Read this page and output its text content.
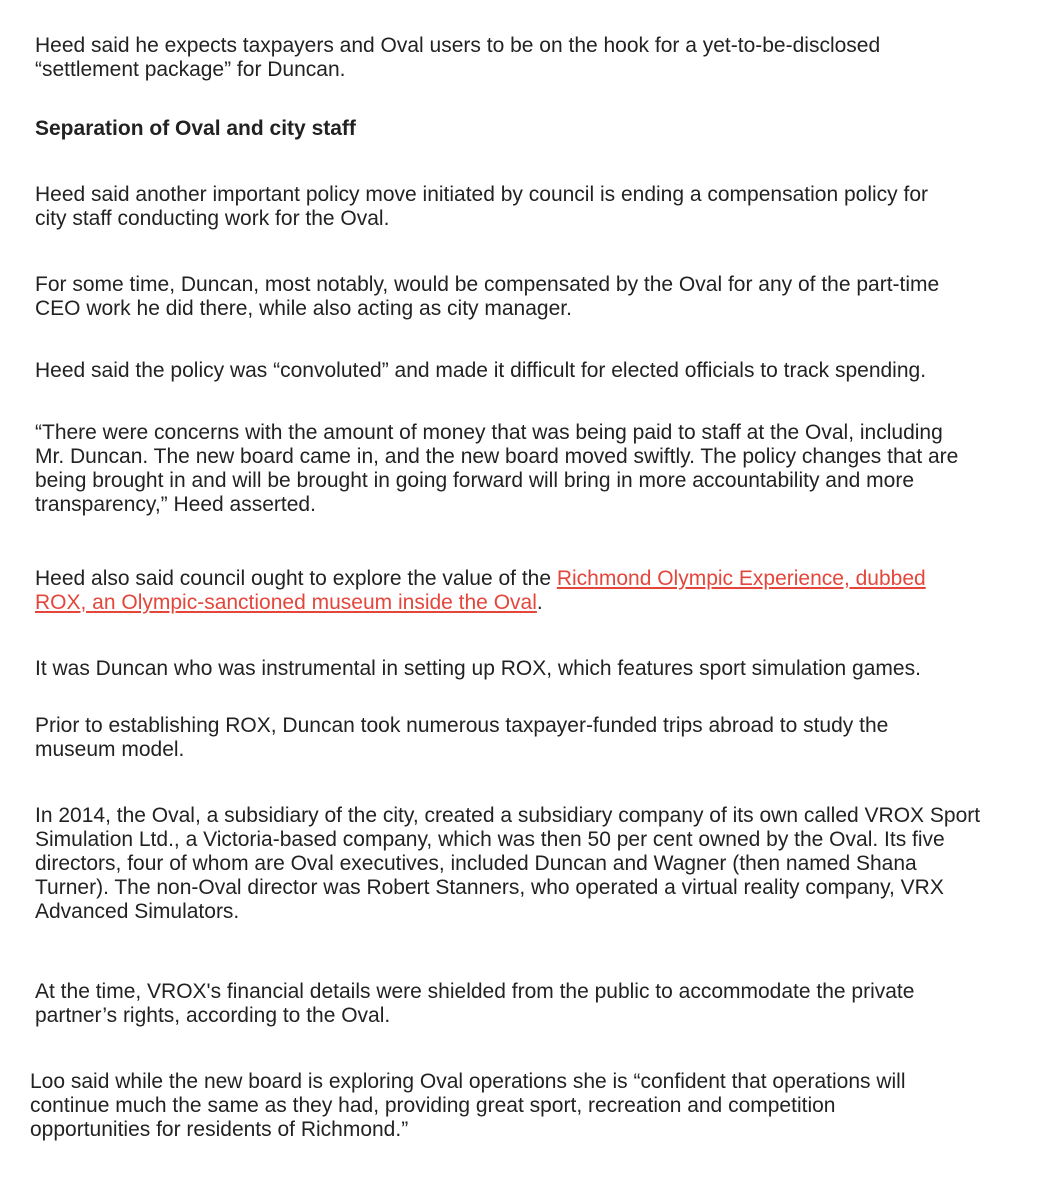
Heed said he expects taxpayers and Oval users to be on the hook for a yet-to-be-disclosed
“settlement package” for Duncan.

Separation of Oval and city staff

Heed said another important policy move initiated by council is ending a compensation policy for
city staff conducting work for the Oval.

For some time, Duncan, most notably, would be compensated by the Oval for any of the part-time
CEO work he did there, while also acting as city manager.

Heed said the policy was “convoluted” and made it difficult for elected officials to track spending.

“There were concerns with the amount of money that was being paid to staff at the Oval, including
Mr. Duncan. The new board came in, and the new board moved swiftly. The policy changes that are
being brought in and will be brought in going forward will bring in more accountability and more
transparency,” Heed asserted.

Heed also said council ought to explore the value of the Richmond Olympic Experience, dubbed
ROX, an Olympic-sanctioned museum inside the Oval.

It was Duncan who was instrumental in setting up ROX, which features sport simulation games.

Prior to establishing ROX, Duncan took numerous taxpayer-funded trips abroad to study the
museum model.

In 2014, the Oval, a subsidiary of the city, created a subsidiary company of its own called VROX Sport
Simulation Ltd., a Victoria-based company, which was then 50 per cent owned by the Oval. Its five
directors, four of whom are Oval executives, included Duncan and Wagner (then named Shana
Turner). The non-Oval director was Robert Stanners, who operated a virtual reality company, VRX
Advanced Simulators.

At the time, VROX's financial details were shielded from the public to accommodate the private
partner’s rights, according to the Oval.

Loo said while the new board is exploring Oval operations she is “confident that operations will
continue much the same as they had, providing great sport, recreation and competition
opportunities for residents of Richmond.”
